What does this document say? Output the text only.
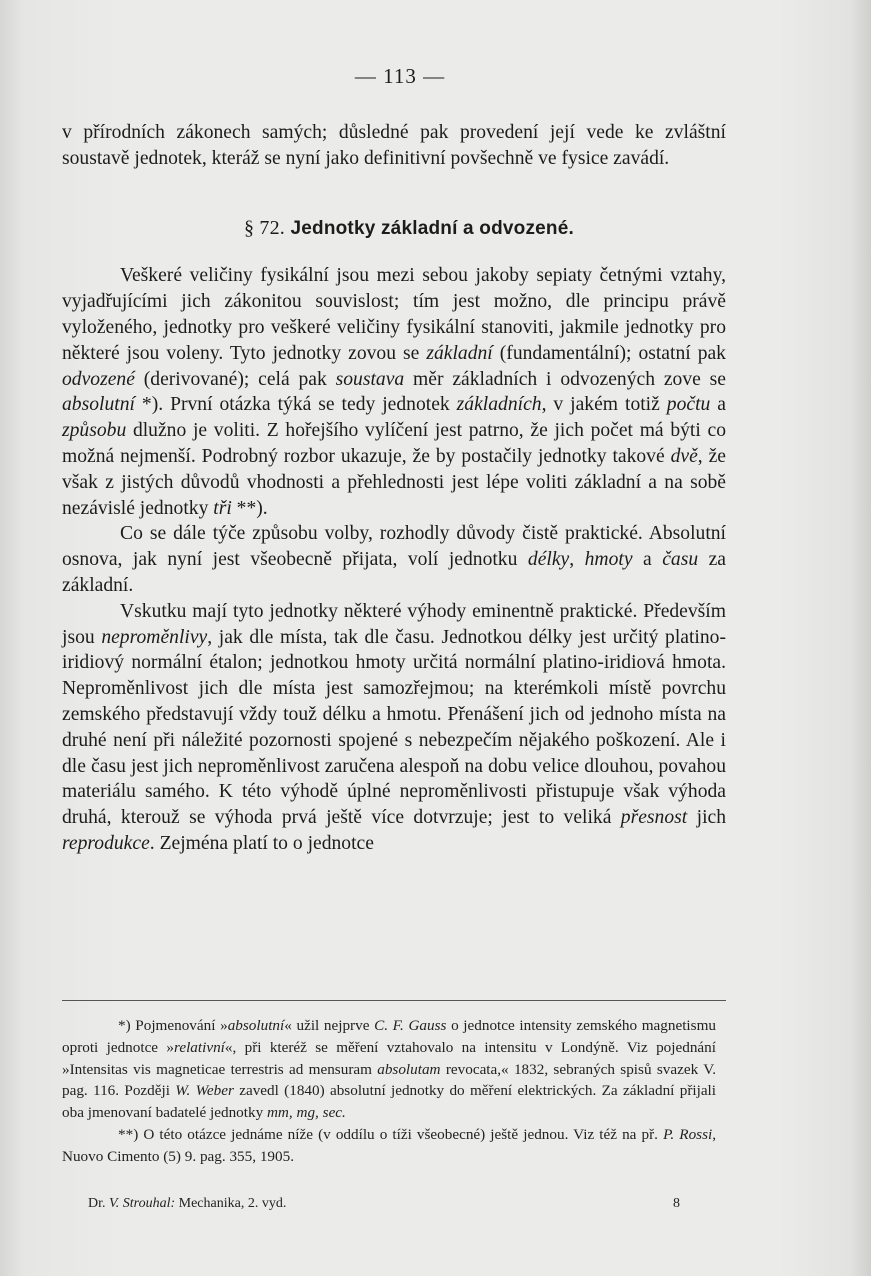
— 113 —

v přírodních zákonech samých; důsledné pak provedení její vede ke zvláštní soustavě jednotek, kteráž se nyní jako definitivní povšechně ve fysice zavádí.

§ 72. Jednotky základní a odvozené.

Veškeré veličiny fysikální jsou mezi sebou jakoby sepiaty četnými vztahy, vyjadřujícími jich zákonitou souvislost; tím jest možno, dle principu právě vyloženého, jednotky pro veškeré veličiny fysikální stanoviti, jakmile jednotky pro některé jsou voleny. Tyto jednotky zovou se základní (fundamentální); ostatní pak odvozené (derivované); celá pak soustava měr základních i odvozených zove se absolutní *). První otázka týká se tedy jednotek základních, v jakém totiž počtu a způsobu dlužno je voliti. Z hořejšího vylíčení jest patrno, že jich počet má býti co možná nejmenší. Podrobný rozbor ukazuje, že by postačily jednotky takové dvě, že však z jistých důvodů vhodnosti a přehlednosti jest lépe voliti základní a na sobě nezávislé jednotky tři **).

Co se dále týče způsobu volby, rozhodly důvody čistě praktické. Absolutní osnova, jak nyní jest všeobecně přijata, volí jednotku délky, hmoty a času za základní.

Vskutku mají tyto jednotky některé výhody eminentně praktické. Především jsou neproměnlivy, jak dle místa, tak dle času. Jednotkou délky jest určitý platino-iridiový normální étalon; jednotkou hmoty určitá normální platino-iridiová hmota. Neproměnlivost jich dle místa jest samozřejmou; na kterémkoli místě povrchu zemského představují vždy touž délku a hmotu. Přenášení jich od jednoho místa na druhé není při náležité pozornosti spojené s nebezpečím nějakého poškození. Ale i dle času jest jich neproměnlivost zaručena alespoň na dobu velice dlouhou, povahou materiálu samého. K této výhodě úplné neproměnlivosti přistupuje však výhoda druhá, kterouž se výhoda prvá ještě více dotvrzuje; jest to veliká přesnost jich reprodukce. Zejména platí to o jednotce

*) Pojmenování »absolutní« užil nejprve C. F. Gauss o jednotce intensity zemského magnetismu oproti jednotce »relativní«, při kteréž se měření vztahovalo na intensitu v Londýně. Viz pojednání »Intensitas vis magneticae terrestris ad mensuram absolutam revocata,« 1832, sebraných spisů svazek V. pag. 116. Později W. Weber zavedl (1840) absolutní jednotky do měření elektrických. Za základní přijali oba jmenovaní badatelé jednotky mm, mg, sec.

**) O této otázce jednáme níže (v oddílu o tíži všeobecné) ještě jednou. Viz též na př. P. Rossi, Nuovo Cimento (5) 9. pag. 355, 1905.

Dr. V. Strouhal: Mechanika, 2. vyd.	8
